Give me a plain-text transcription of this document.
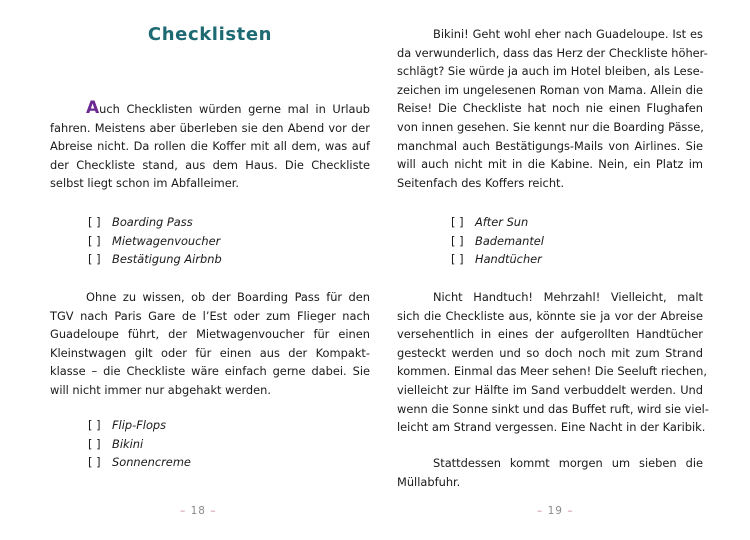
Checklisten
Auch Checklisten würden gerne mal in Urlaub
fahren. Meistens aber überleben sie den Abend vor der
Abreise nicht. Da rollen die Koffer mit all dem, was auf
der Checkliste stand, aus dem Haus. Die Checkliste
selbst liegt schon im Abfalleimer.
[ ] Boarding Pass
[ ] Mietwagenvoucher
[ ] Bestätigung Airbnb
Ohne zu wissen, ob der Boarding Pass für den
TGV nach Paris Gare de l’Est oder zum Flieger nach
Guadeloupe führt, der Mietwagenvoucher für einen
Kleinstwagen gilt oder für einen aus der Kompakt-
klasse – die Checkliste wäre einfach gerne dabei. Sie
will nicht immer nur abgehakt werden.
[ ] Flip-Flops
[ ] Bikini
[ ] Sonnencreme
– 18 –
Bikini! Geht wohl eher nach Guadeloupe. Ist es
da verwunderlich, dass das Herz der Checkliste höher-
schlägt? Sie würde ja auch im Hotel bleiben, als Lese-
zeichen im ungelesenen Roman von Mama. Allein die
Reise! Die Checkliste hat noch nie einen Flughafen
von innen gesehen. Sie kennt nur die Boarding Pässe,
manchmal auch Bestätigungs-Mails von Airlines. Sie
will auch nicht mit in die Kabine. Nein, ein Platz im
Seitenfach des Koffers reicht.
[ ] After Sun
[ ] Bademantel
[ ] Handtücher
Nicht Handtuch! Mehrzahl! Vielleicht, malt
sich die Checkliste aus, könnte sie ja vor der Abreise
versehentlich in eines der aufgerollten Handtücher
gesteckt werden und so doch noch mit zum Strand
kommen. Einmal das Meer sehen! Die Seeluft riechen,
vielleicht zur Hälfte im Sand verbuddelt werden. Und
wenn die Sonne sinkt und das Buffet ruft, wird sie viel-
leicht am Strand vergessen. Eine Nacht in der Karibik.
Stattdessen kommt morgen um sieben die
Müllabfuhr.
– 19 –
